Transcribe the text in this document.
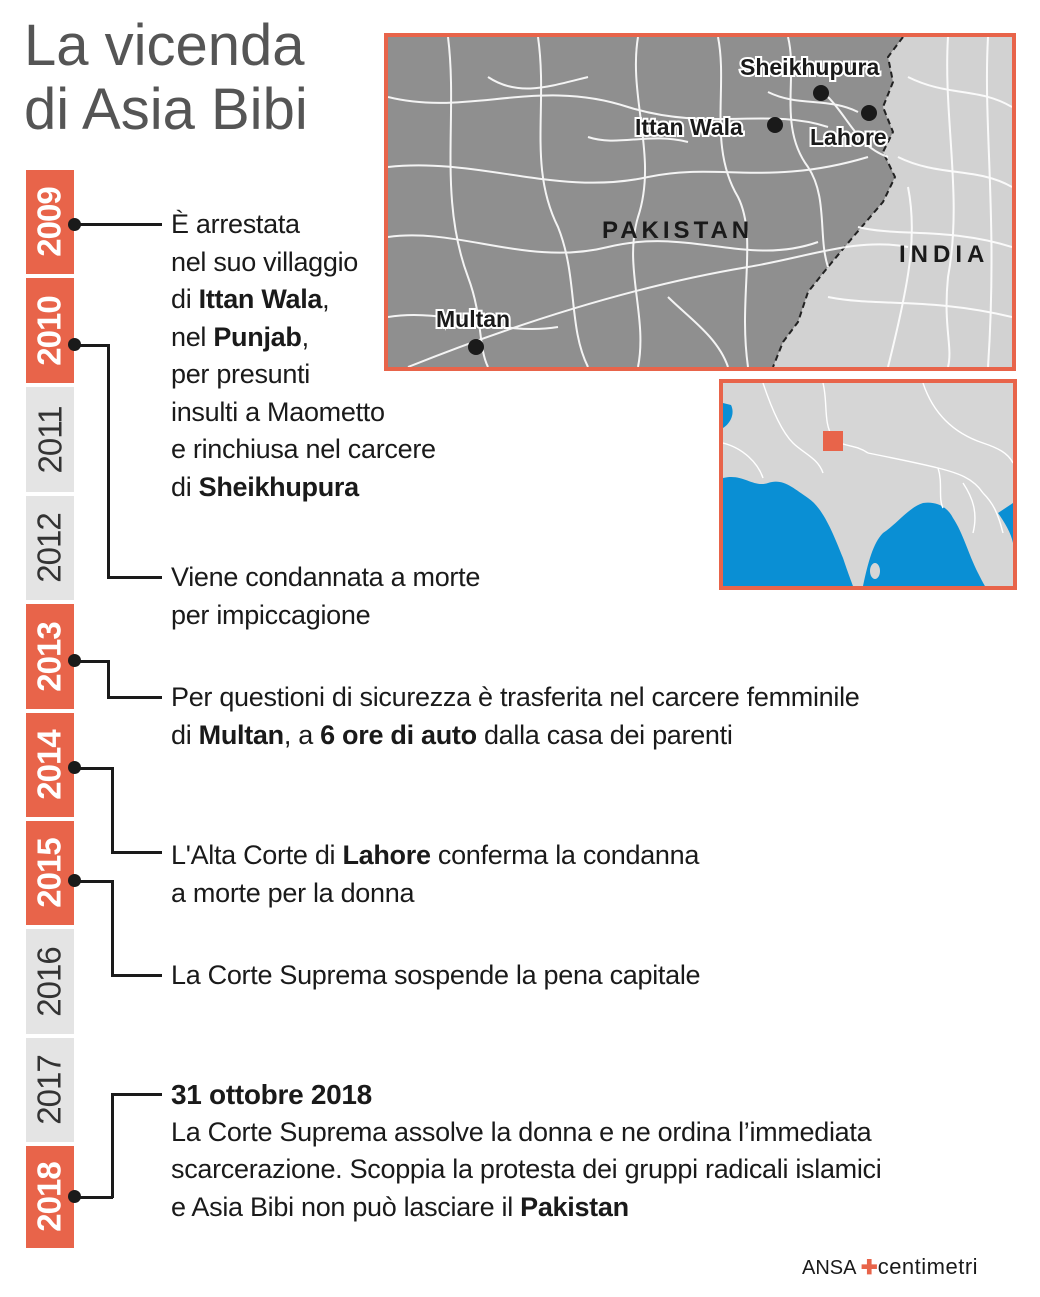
La vicenda
di Asia Bibi
2009
2010
2011
2012
2013
2014
2015
2016
2017
2018
È arrestata
nel suo villaggio
di Ittan Wala,
nel Punjab,
per presunti
insulti a Maometto
e rinchiusa nel carcere
di Sheikhupura
Viene condannata a morte
per impiccagione
Per questioni di sicurezza è trasferita nel carcere femminile
di Multan, a 6 ore di auto dalla casa dei parenti
L'Alta Corte di Lahore conferma la condanna
a morte per la donna
La Corte Suprema sospende la pena capitale
31 ottobre 2018
La Corte Suprema assolve la donna e ne ordina l’immediata
scarcerazione. Scoppia la protesta dei gruppi radicali islamici
e Asia Bibi non può lasciare il Pakistan
Sheikhupura
Ittan Wala	Lahore
Multan
PAKISTAN
INDIA
ANSA ✚centimetri
